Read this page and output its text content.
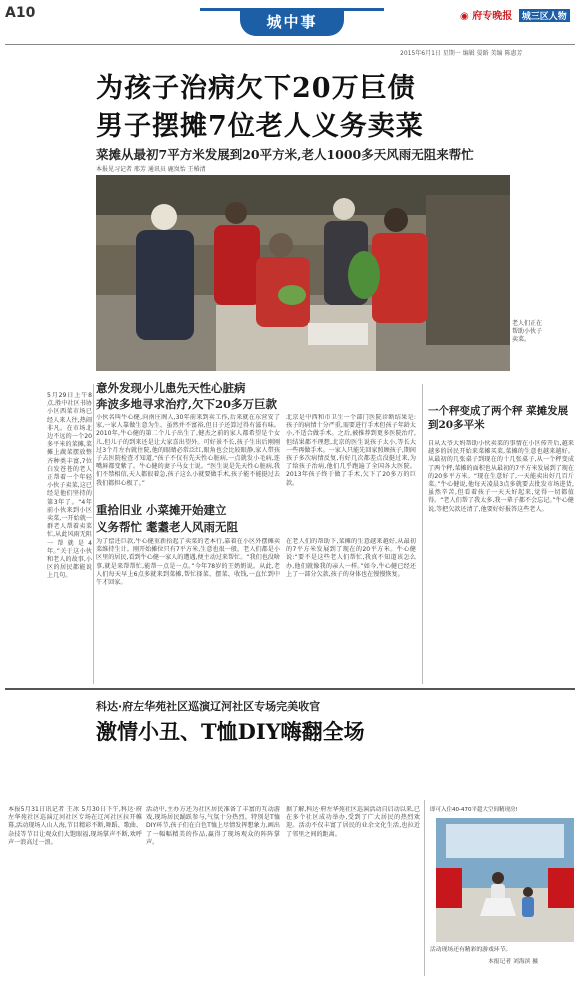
A10	城中事	◉ 府专晚报 城三区人物
2015年6月1日 星期一 编辑 晏路 美编 陈惠芳
为孩子治病欠下20万巨债
男子摆摊7位老人义务卖菜
菜摊从最初7平方米发展到20平方米,老人1000多天风雨无阻来帮忙
本报见习记者 邢芳 通讯员 鹿岚怡 王椿清
老人们正在帮助小伙子卖菜。
5月29日上午8点,胜中社区书协小区西菜市场已经人来人往,热闹非凡。在市场北边不远的一个20多平米的菜摊,菜摊上蔬菜摆放整齐种类丰富,7位白发苍苍的老人正帮着一个年轻小伙子卖菜,这已经是他们坚持的第3年了。“4年前小伙来到小区卖菜,一开始就一群老人帮着卖菜忙,从此风雨无阻一帮就是4年。”关于这小伙和老人的故事,小区的居民都能说上几句。
意外发现小儿患先天性心脏病
奔波多地寻求治疗,欠下20多万巨款
小伙名叫牛心健,向南庄阁人,30年前来到卖工作,后来就在东营安了家,一家人靠做生意为生。虽然并不富裕,但日子还算过得有滋有味。2010年,牛心健的第二个儿子出生了,健杰之前的家人都希望是个女儿,但儿子的到来还是让大家喜出望外。可好景不长,孩子生出后刚刚过3个月左右就住院,他的眼睛必常泛红,眼角也会比较眼静,家人带孩子去医院检查才知道,“孩子不仅有先天性心脏病,一点就发小毛病,连嘴唇都变紫了。牛心健的妻子马女士说。“医生说是先天性心脏病,我们不禁相信,天人都很着急,孩子这么小就要做手术,孩子能不能挺过去我们都担心极了。”
北京是中西和市卫生一个部门医院诊断结果是:孩子的病情十分严重,需要进行手术但孩子年龄太小,不适合做手术。之后,被推荐到更多医院治疗,但结果都不理想,北京的医生说孩子太小,等长大一些再做手术。一家人只能先回家照顾孩子,期间孩子多次病情反复,有好几次都差点没挺过来,为了给孩子治病,他们几乎跑遍了全国各大医院。2013年孩子终于做了手术,欠下了20多万的巨款。
重拾旧业 小菜摊开始建立
义务帮忙 耄耋老人风雨无阻
为了偿还巨款,牛心健重新拾起了卖菜的老本行,靠着在小区外摆摊卖菜维持生计。刚开始摊位只有7平方米,生意也很一般。老人们都是小区里的居民,看到牛心健一家人的遭遇,便主动过来帮忙。“我们也没啥事,就是来帮帮忙,能帮一点是一点。”今年78岁的王奶奶说。从此,老人们每天早上6点多就来到菜摊,帮忙择菜、摆菜、收钱,一直忙到中午才回家。
在老人们的帮助下,菜摊的生意越来越好,从最初的7平方米发展到了现在的20平方米。牛心健说:“要不是这些老人们帮忙,我真不知道该怎么办,他们就像我的亲人一样。”如今,牛心健已经还上了一部分欠款,孩子的身体也在慢慢恢复。
一个秤变成了两个秤 菜摊发展到20多平米
自从大爷大妈帮助小伙卖菜的事情在小区传开后,越来越多的居民开始来菜摊买菜,菜摊的生意也越来越好。从最初的几张桌子到现在的十几张桌子,从一个秤变成了两个秤,菜摊的面积也从最初的7平方米发展到了现在的20多平方米。“现在生意好了,一天能卖出好几百斤菜。”牛心健说,他每天凌晨3点多就要去批发市场进货,虽然辛苦,但看着孩子一天天好起来,觉得一切都值得。“老人们帮了我太多,我一辈子都不会忘记。”牛心健说,等把欠款还清了,他要好好报答这些老人。
科达·府左华苑社区巡演辽河社区专场完美收官
激情小丑、T恤DIY嗨翻全场
本报5月31日讯记者 王冰 5月30日下午,科达·府左华苑社区巡演辽河社区专场在辽河社区拉开帷幕,活动现场人山人海,节目精彩不断,舞蹈、歌曲、杂技等节目让观众们大饱眼福,现场掌声不断,欢呼声一浪高过一浪。
活动中,主办方还为社区居民准备了丰富的互动游戏,现场居民踊跃参与,气氛十分热烈。特别是T恤DIY环节,孩子们在白色T恤上尽情发挥想象力,画出了一幅幅精美的作品,赢得了现场观众的阵阵掌声。
据了解,科达·府左华苑社区巡演活动自启动以来,已在多个社区成功举办,受到了广大居民的热烈欢迎。活动不仅丰富了居民的业余文化生活,也拉近了邻里之间的距离。
即可入住40-470平超大空间精现房!
活动现场还有精彩的游戏环节。
本报记者 刘海滨 摄
